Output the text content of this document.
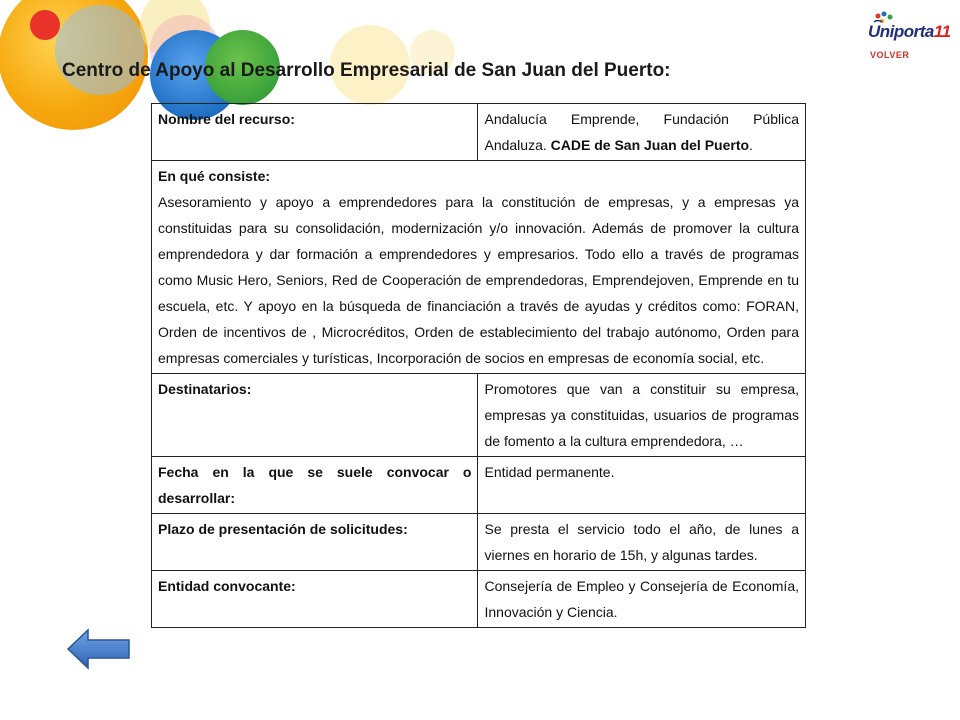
Centro de Apoyo al Desarrollo Empresarial de San Juan del Puerto:
Uniporta11
VOLVER
Nombre del recurso:	Andalucía Emprende, Fundación Pública Andaluza. CADE de San Juan del Puerto.

En qué consiste:
Asesoramiento y apoyo a emprendedores para la constitución de empresas, y a empresas ya constituidas para su consolidación, modernización y/o innovación. Además de promover la cultura emprendedora y dar formación a emprendedores y empresarios. Todo ello a través de programas como Music Hero, Seniors, Red de Cooperación de emprendedoras, Emprendejoven, Emprende en tu escuela, etc. Y apoyo en la búsqueda de financiación a través de ayudas y créditos como: FORAN, Orden de incentivos de , Microcréditos, Orden de establecimiento del trabajo autónomo, Orden para empresas comerciales y turísticas, Incorporación de socios en empresas de economía social, etc.	

Destinatarios:	Promotores que van a constituir su empresa, empresas ya constituidas, usuarios de programas de fomento a la cultura emprendedora, …
Fecha en la que se suele convocar o desarrollar:	Entidad permanente.
Plazo de presentación de solicitudes:	Se presta el servicio todo el año, de lunes a viernes en horario de 15h, y algunas tardes.
Entidad convocante:	Consejería de Empleo y Consejería de Economía, Innovación y Ciencia.
